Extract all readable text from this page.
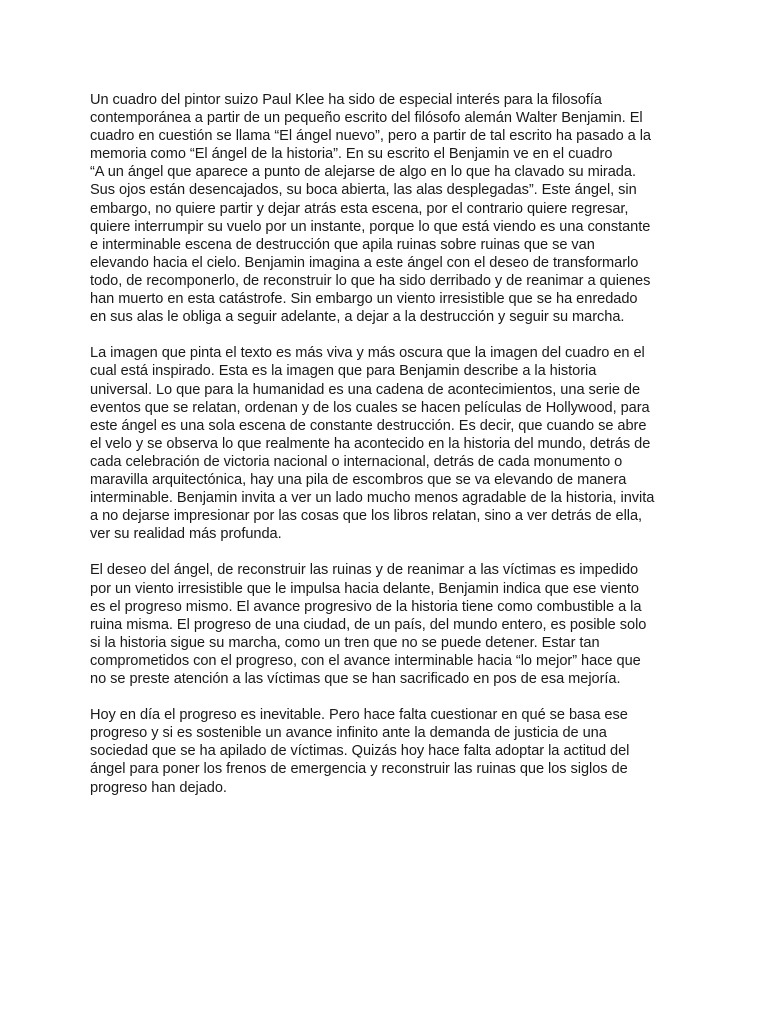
Un cuadro del pintor suizo Paul Klee ha sido de especial interés para la filosofía
contemporánea a partir de un pequeño escrito del filósofo alemán Walter Benjamin. El
cuadro en cuestión se llama “El ángel nuevo”, pero a partir de tal escrito ha pasado a la
memoria como “El ángel de la historia”. En su escrito el Benjamin ve en el cuadro
“A un ángel que aparece a punto de alejarse de algo en lo que ha clavado su mirada.
Sus ojos están desencajados, su boca abierta, las alas desplegadas”. Este ángel, sin
embargo, no quiere partir y dejar atrás esta escena, por el contrario quiere regresar,
quiere interrumpir su vuelo por un instante, porque lo que está viendo es una constante
e interminable escena de destrucción que apila ruinas sobre ruinas que se van
elevando hacia el cielo. Benjamin imagina a este ángel con el deseo de transformarlo
todo, de recomponerlo, de reconstruir lo que ha sido derribado y de reanimar a quienes
han muerto en esta catástrofe. Sin embargo un viento irresistible que se ha enredado
en sus alas le obliga a seguir adelante, a dejar a la destrucción y seguir su marcha.
La imagen que pinta el texto es más viva y más oscura que la imagen del cuadro en el
cual está inspirado. Esta es la imagen que para Benjamin describe a la historia
universal. Lo que para la humanidad es una cadena de acontecimientos, una serie de
eventos que se relatan, ordenan y de los cuales se hacen películas de Hollywood, para
este ángel es una sola escena de constante destrucción. Es decir, que cuando se abre
el velo y se observa lo que realmente ha acontecido en la historia del mundo, detrás de
cada celebración de victoria nacional o internacional, detrás de cada monumento o
maravilla arquitectónica, hay una pila de escombros que se va elevando de manera
interminable. Benjamin invita a ver un lado mucho menos agradable de la historia, invita
a no dejarse impresionar por las cosas que los libros relatan, sino a ver detrás de ella,
ver su realidad más profunda.
El deseo del ángel, de reconstruir las ruinas y de reanimar a las víctimas es impedido
por un viento irresistible que le impulsa hacia delante, Benjamin indica que ese viento
es el progreso mismo. El avance progresivo de la historia tiene como combustible a la
ruina misma. El progreso de una ciudad, de un país, del mundo entero, es posible solo
si la historia sigue su marcha, como un tren que no se puede detener. Estar tan
comprometidos con el progreso, con el avance interminable hacia “lo mejor” hace que
no se preste atención a las víctimas que se han sacrificado en pos de esa mejoría.
Hoy en día el progreso es inevitable. Pero hace falta cuestionar en qué se basa ese
progreso y si es sostenible un avance infinito ante la demanda de justicia de una
sociedad que se ha apilado de víctimas. Quizás hoy hace falta adoptar la actitud del
ángel para poner los frenos de emergencia y reconstruir las ruinas que los siglos de
progreso han dejado.
